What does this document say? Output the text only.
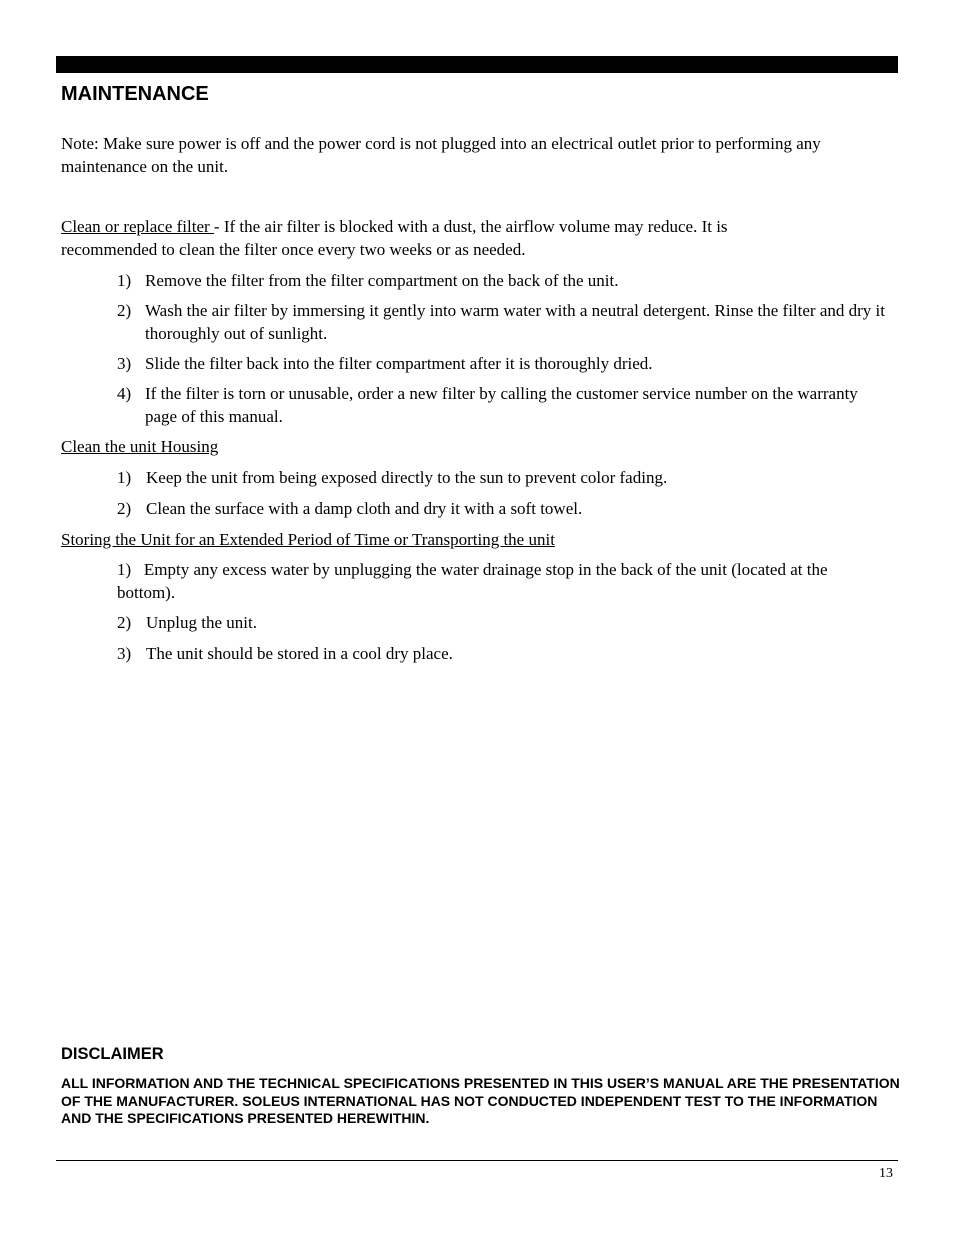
MAINTENANCE

Note: Make sure power is off and the power cord is not plugged into an electrical outlet prior to performing any maintenance on the unit.

Clean or replace filter - If the air filter is blocked with a dust, the airflow volume may reduce. It is recommended to clean the filter once every two weeks or as needed.

1) Remove the filter from the filter compartment on the back of the unit.
2) Wash the air filter by immersing it gently into warm water with a neutral detergent. Rinse the filter and dry it thoroughly out of sunlight.
3) Slide the filter back into the filter compartment after it is thoroughly dried.
4) If the filter is torn or unusable, order a new filter by calling the customer service number on the warranty page of this manual.

Clean the unit Housing

1) Keep the unit from being exposed directly to the sun to prevent color fading.
2) Clean the surface with a damp cloth and dry it with a soft towel.

Storing the Unit for an Extended Period of Time or Transporting the unit

1) Empty any excess water by unplugging the water drainage stop in the back of the unit (located at the bottom).
2) Unplug the unit.
3) The unit should be stored in a cool dry place.
DISCLAIMER

ALL INFORMATION AND THE TECHNICAL SPECIFICATIONS PRESENTED IN THIS USER’S MANUAL ARE THE PRESENTATION OF THE MANUFACTURER. SOLEUS INTERNATIONAL HAS NOT CONDUCTED INDEPENDENT TEST TO THE INFORMATION AND THE SPECIFICATIONS PRESENTED HEREWITHIN.

13
